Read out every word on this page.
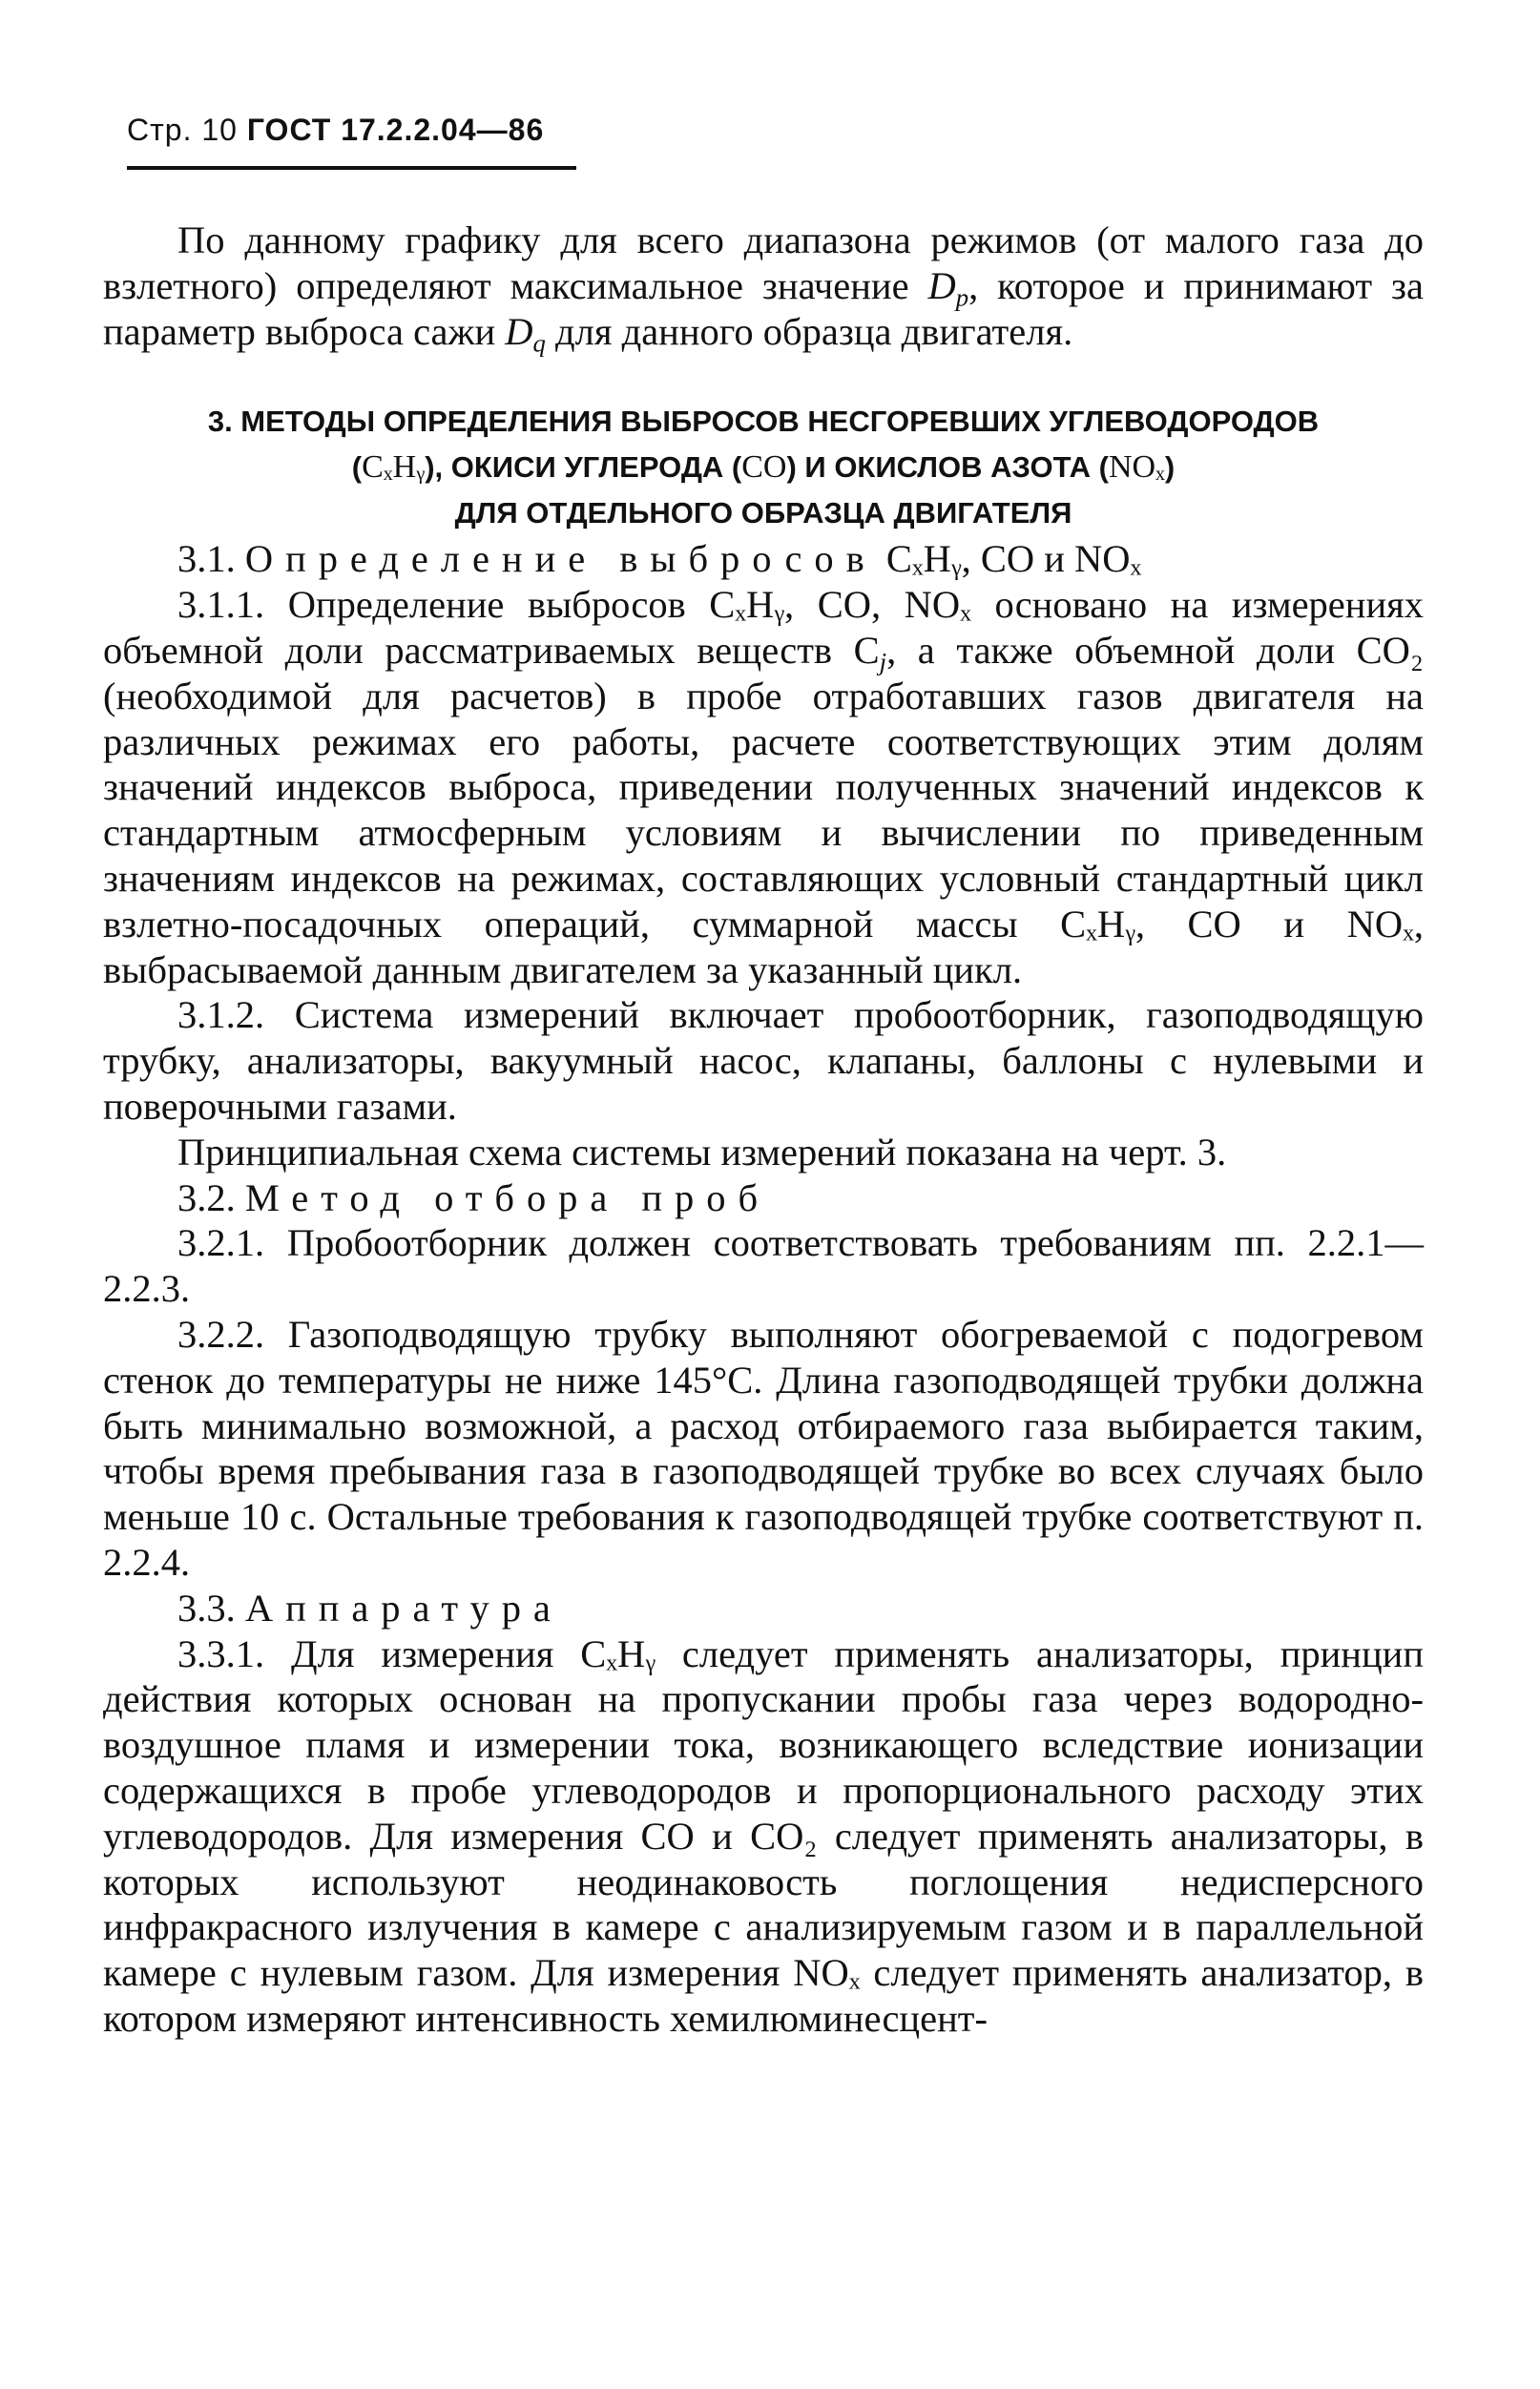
Стр. 10 ГОСТ 17.2.2.04—86

По данному графику для всего диапазона режимов (от малого газа до взлетного) определяют максимальное значение Dp, которое и принимают за параметр выброса сажи Dq для данного образца двигателя.

3. МЕТОДЫ ОПРЕДЕЛЕНИЯ ВЫБРОСОВ НЕСГОРЕВШИХ УГЛЕВОДОРОДОВ

(CₓHᵧ), ОКИСИ УГЛЕРОДА (CO) И ОКИСЛОВ АЗОТА (NOₓ)

ДЛЯ ОТДЕЛЬНОГО ОБРАЗЦА ДВИГАТЕЛЯ

3.1. Определение выбросов CₓHᵧ, CO и NOₓ

3.1.1. Определение выбросов CₓHᵧ, CO, NOₓ основано на измерениях объемной доли рассматриваемых веществ Cj, а также объемной доли CO₂ (необходимой для расчетов) в пробе отработавших газов двигателя на различных режимах его работы, расчете соответствующих этим долям значений индексов выброса, приведении полученных значений индексов к стандартным атмосферным условиям и вычислении по приведенным значениям индексов на режимах, составляющих условный стандартный цикл взлетно-посадочных операций, суммарной массы CₓHᵧ, CO и NOₓ, выбрасываемой данным двигателем за указанный цикл.

3.1.2. Система измерений включает пробоотборник, газоподводящую трубку, анализаторы, вакуумный насос, клапаны, баллоны с нулевыми и поверочными газами.

Принципиальная схема системы измерений показана на черт. 3.

3.2. Метод отбора проб

3.2.1. Пробоотборник должен соответствовать требованиям пп. 2.2.1—2.2.3.

3.2.2. Газоподводящую трубку выполняют обогреваемой с подогревом стенок до температуры не ниже 145°C. Длина газоподводящей трубки должна быть минимально возможной, а расход отбираемого газа выбирается таким, чтобы время пребывания газа в газоподводящей трубке во всех случаях было меньше 10 с. Остальные требования к газоподводящей трубке соответствуют п. 2.2.4.

3.3. Аппаратура

3.3.1. Для измерения CₓHᵧ следует применять анализаторы, принцип действия которых основан на пропускании пробы газа через водородно-воздушное пламя и измерении тока, возникающего вследствие ионизации содержащихся в пробе углеводородов и пропорционального расходу этих углеводородов. Для измерения CO и CO₂ следует применять анализаторы, в которых используют неодинаковость поглощения недисперсного инфракрасного излучения в камере с анализируемым газом и в параллельной камере с нулевым газом. Для измерения NOₓ следует применять анализатор, в котором измеряют интенсивность хемилюминесцент-
